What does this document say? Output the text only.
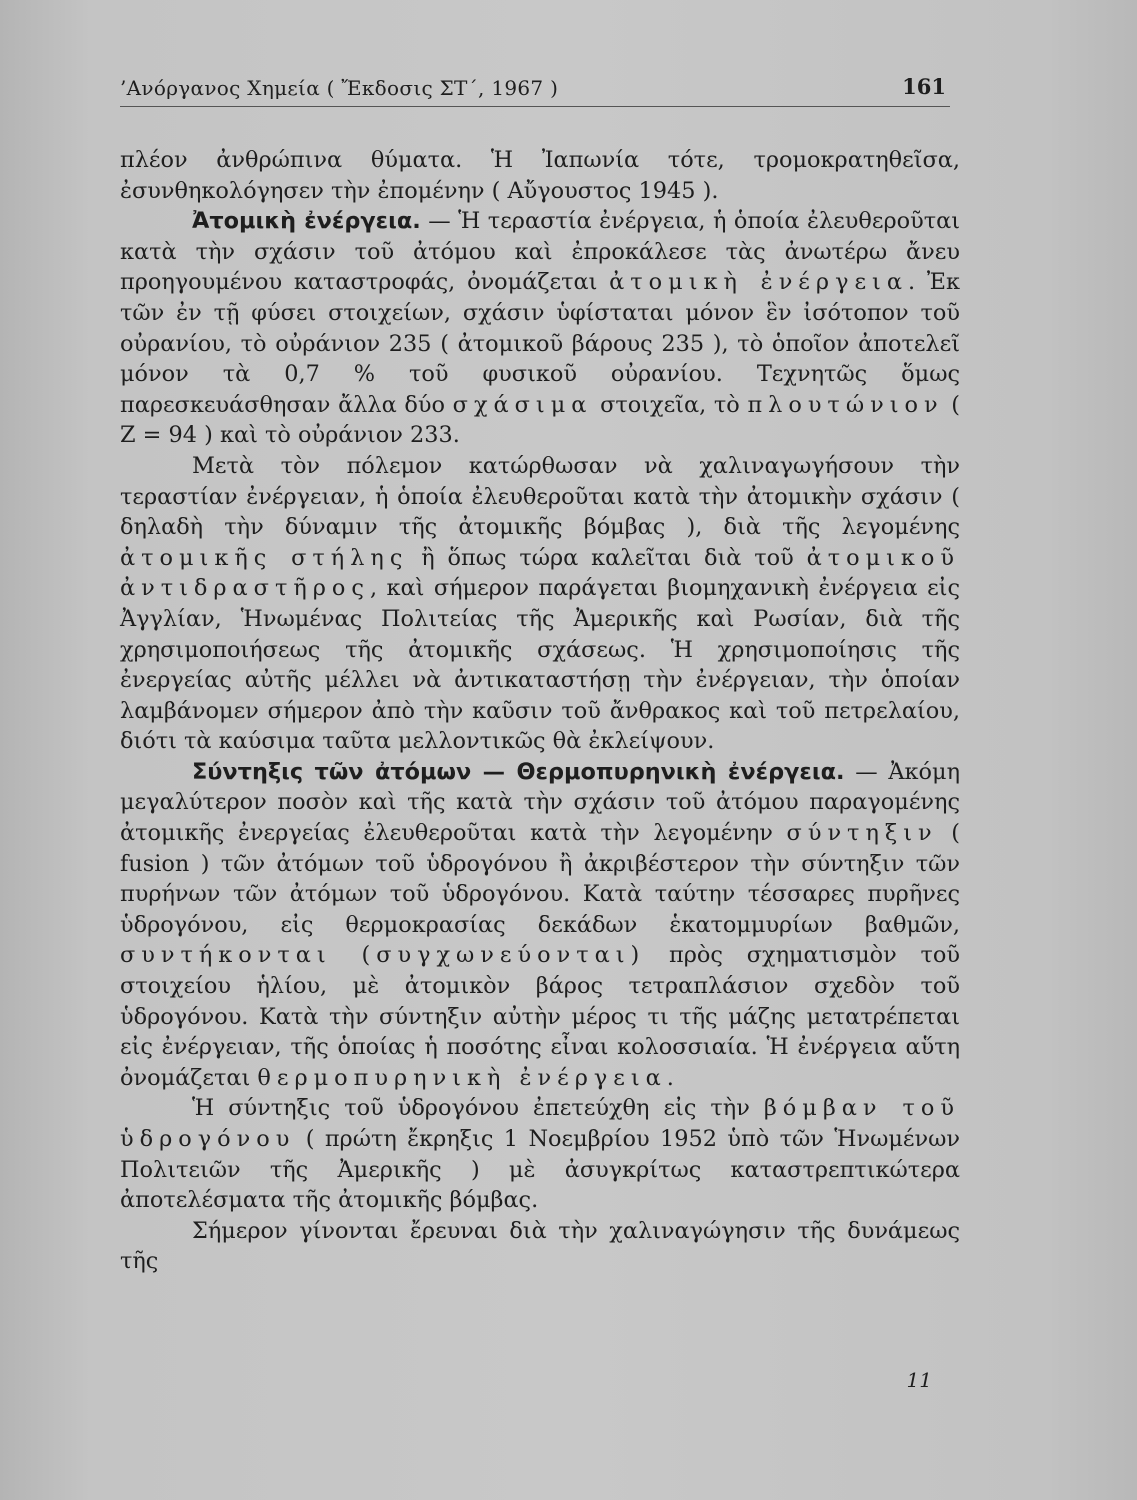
’Ανόργανος Χημεία ( Ἔκδοσις ΣΤ΄, 1967 )	161

πλέον ἀνθρώπινα θύματα. Ἡ Ἰαπωνία τότε, τρομοκρατηθεῖσα, ἐσυνθηκολόγησεν τὴν ἐπομένην ( Αὔγουστος 1945 ).

Ἀτομικὴ ἐνέργεια. — Ἡ τεραστία ἐνέργεια, ἡ ὁποία ἐλευθεροῦται κατὰ τὴν σχάσιν τοῦ ἀτόμου καὶ ἐπροκάλεσε τὰς ἀνωτέρω ἄνευ προηγουμένου καταστροφάς, ὀνομάζεται ἀτομικὴ ἐνέργεια. Ἐκ τῶν ἐν τῇ φύσει στοιχείων, σχάσιν ὑφίσταται μόνον ἓν ἰσότοπον τοῦ οὐρανίου, τὸ οὐράνιον 235 ( ἀτομικοῦ βάρους 235 ), τὸ ὁποῖον ἀποτελεῖ μόνον τὰ 0,7 % τοῦ φυσικοῦ οὐρανίου. Τεχνητῶς ὅμως παρεσκευάσθησαν ἄλλα δύο σχάσιμα στοιχεῖα, τὸ πλουτώνιον ( Ζ = 94 ) καὶ τὸ οὐράνιον 233.

Μετὰ τὸν πόλεμον κατώρθωσαν νὰ χαλιναγωγήσουν τὴν τεραστίαν ἐνέργειαν, ἡ ὁποία ἐλευθεροῦται κατὰ τὴν ἀτομικὴν σχάσιν ( δηλαδὴ τὴν δύναμιν τῆς ἀτομικῆς βόμβας ), διὰ τῆς λεγομένης ἀτομικῆς στήλης ἢ ὅπως τώρα καλεῖται διὰ τοῦ ἀτομικοῦ ἀντιδραστῆρος, καὶ σήμερον παράγεται βιομηχανικὴ ἐνέργεια εἰς Ἀγγλίαν, Ἡνωμένας Πολιτείας τῆς Ἀμερικῆς καὶ Ρωσίαν, διὰ τῆς χρησιμοποιήσεως τῆς ἀτομικῆς σχάσεως. Ἡ χρησιμοποίησις τῆς ἐνεργείας αὐτῆς μέλλει νὰ ἀντικαταστήσῃ τὴν ἐνέργειαν, τὴν ὁποίαν λαμβάνομεν σήμερον ἀπὸ τὴν καῦσιν τοῦ ἄνθρακος καὶ τοῦ πετρελαίου, διότι τὰ καύσιμα ταῦτα μελλοντικῶς θὰ ἐκλείψουν.

Σύντηξις τῶν ἀτόμων — Θερμοπυρηνικὴ ἐνέργεια. — Ἀκόμη μεγαλύτερον ποσὸν καὶ τῆς κατὰ τὴν σχάσιν τοῦ ἀτόμου παραγομένης ἀτομικῆς ἐνεργείας ἐλευθεροῦται κατὰ τὴν λεγομένην σύντηξιν ( fusion ) τῶν ἀτόμων τοῦ ὑδρογόνου ἢ ἀκριβέστερον τὴν σύντηξιν τῶν πυρήνων τῶν ἀτόμων τοῦ ὑδρογόνου. Κατὰ ταύτην τέσσαρες πυρῆνες ὑδρογόνου, εἰς θερμοκρασίας δεκάδων ἑκατομμυρίων βαθμῶν, συντήκονται (συγχωνεύονται) πρὸς σχηματισμὸν τοῦ στοιχείου ἡλίου, μὲ ἀτομικὸν βάρος τετραπλάσιον σχεδὸν τοῦ ὑδρογόνου. Κατὰ τὴν σύντηξιν αὐτὴν μέρος τι τῆς μάζης μετατρέπεται εἰς ἐνέργειαν, τῆς ὁποίας ἡ ποσότης εἶναι κολοσσιαία. Ἡ ἐνέργεια αὕτη ὀνομάζεται θερμοπυρηνικὴ ἐνέργεια.

Ἡ σύντηξις τοῦ ὑδρογόνου ἐπετεύχθη εἰς τὴν βόμβαν τοῦ ὑδρογόνου ( πρώτη ἔκρηξις 1 Νοεμβρίου 1952 ὑπὸ τῶν Ἡνωμένων Πολιτειῶν τῆς Ἀμερικῆς ) μὲ ἀσυγκρίτως καταστρεπτικώτερα ἀποτελέσματα τῆς ἀτομικῆς βόμβας.

Σήμερον γίνονται ἔρευναι διὰ τὴν χαλιναγώγησιν τῆς δυνάμεως τῆς

11
